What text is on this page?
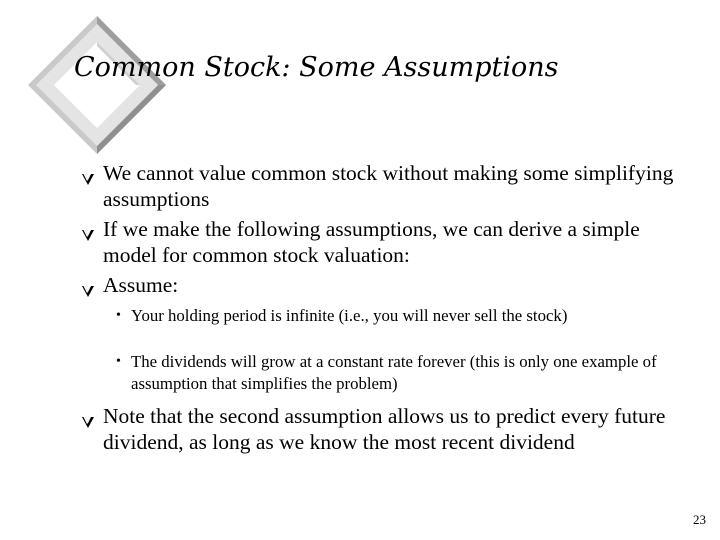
Common Stock: Some Assumptions
We cannot value common stock without making some simplifying assumptions
If we make the following assumptions, we can derive a simple model for common stock valuation:
Assume:
• Your holding period is infinite (i.e., you will never sell the stock)
• The dividends will grow at a constant rate forever (this is only one example of assumption that simplifies the problem)
Note that the second assumption allows us to predict every future dividend, as long as we know the most recent dividend
23
